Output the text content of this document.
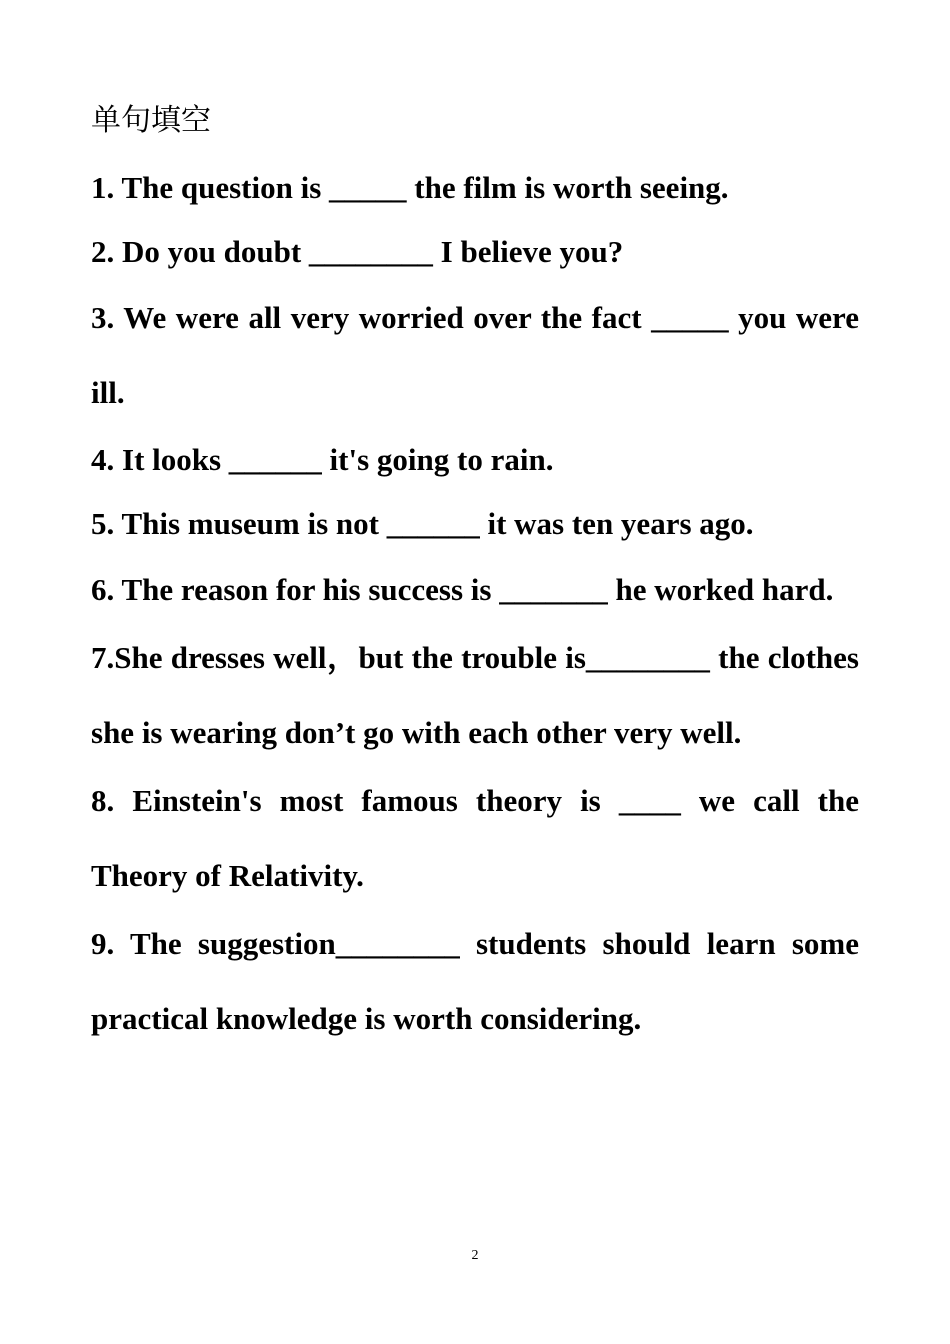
单句填空
1. The question is _____ the film is worth seeing.
2. Do you doubt ________ I believe you?
3. We were all very worried over the fact _____ you were ill.
4. It looks ______ it's going to rain.
5. This museum is not ______ it was ten years ago.
6. The reason for his success is _______ he worked hard.
7.She dresses well，but the trouble is________ the clothes she is wearing don’t go with each other very well.
8. Einstein's most famous theory is ____ we call the Theory of Relativity.
9. The suggestion________ students should learn some practical knowledge is worth considering.
2
